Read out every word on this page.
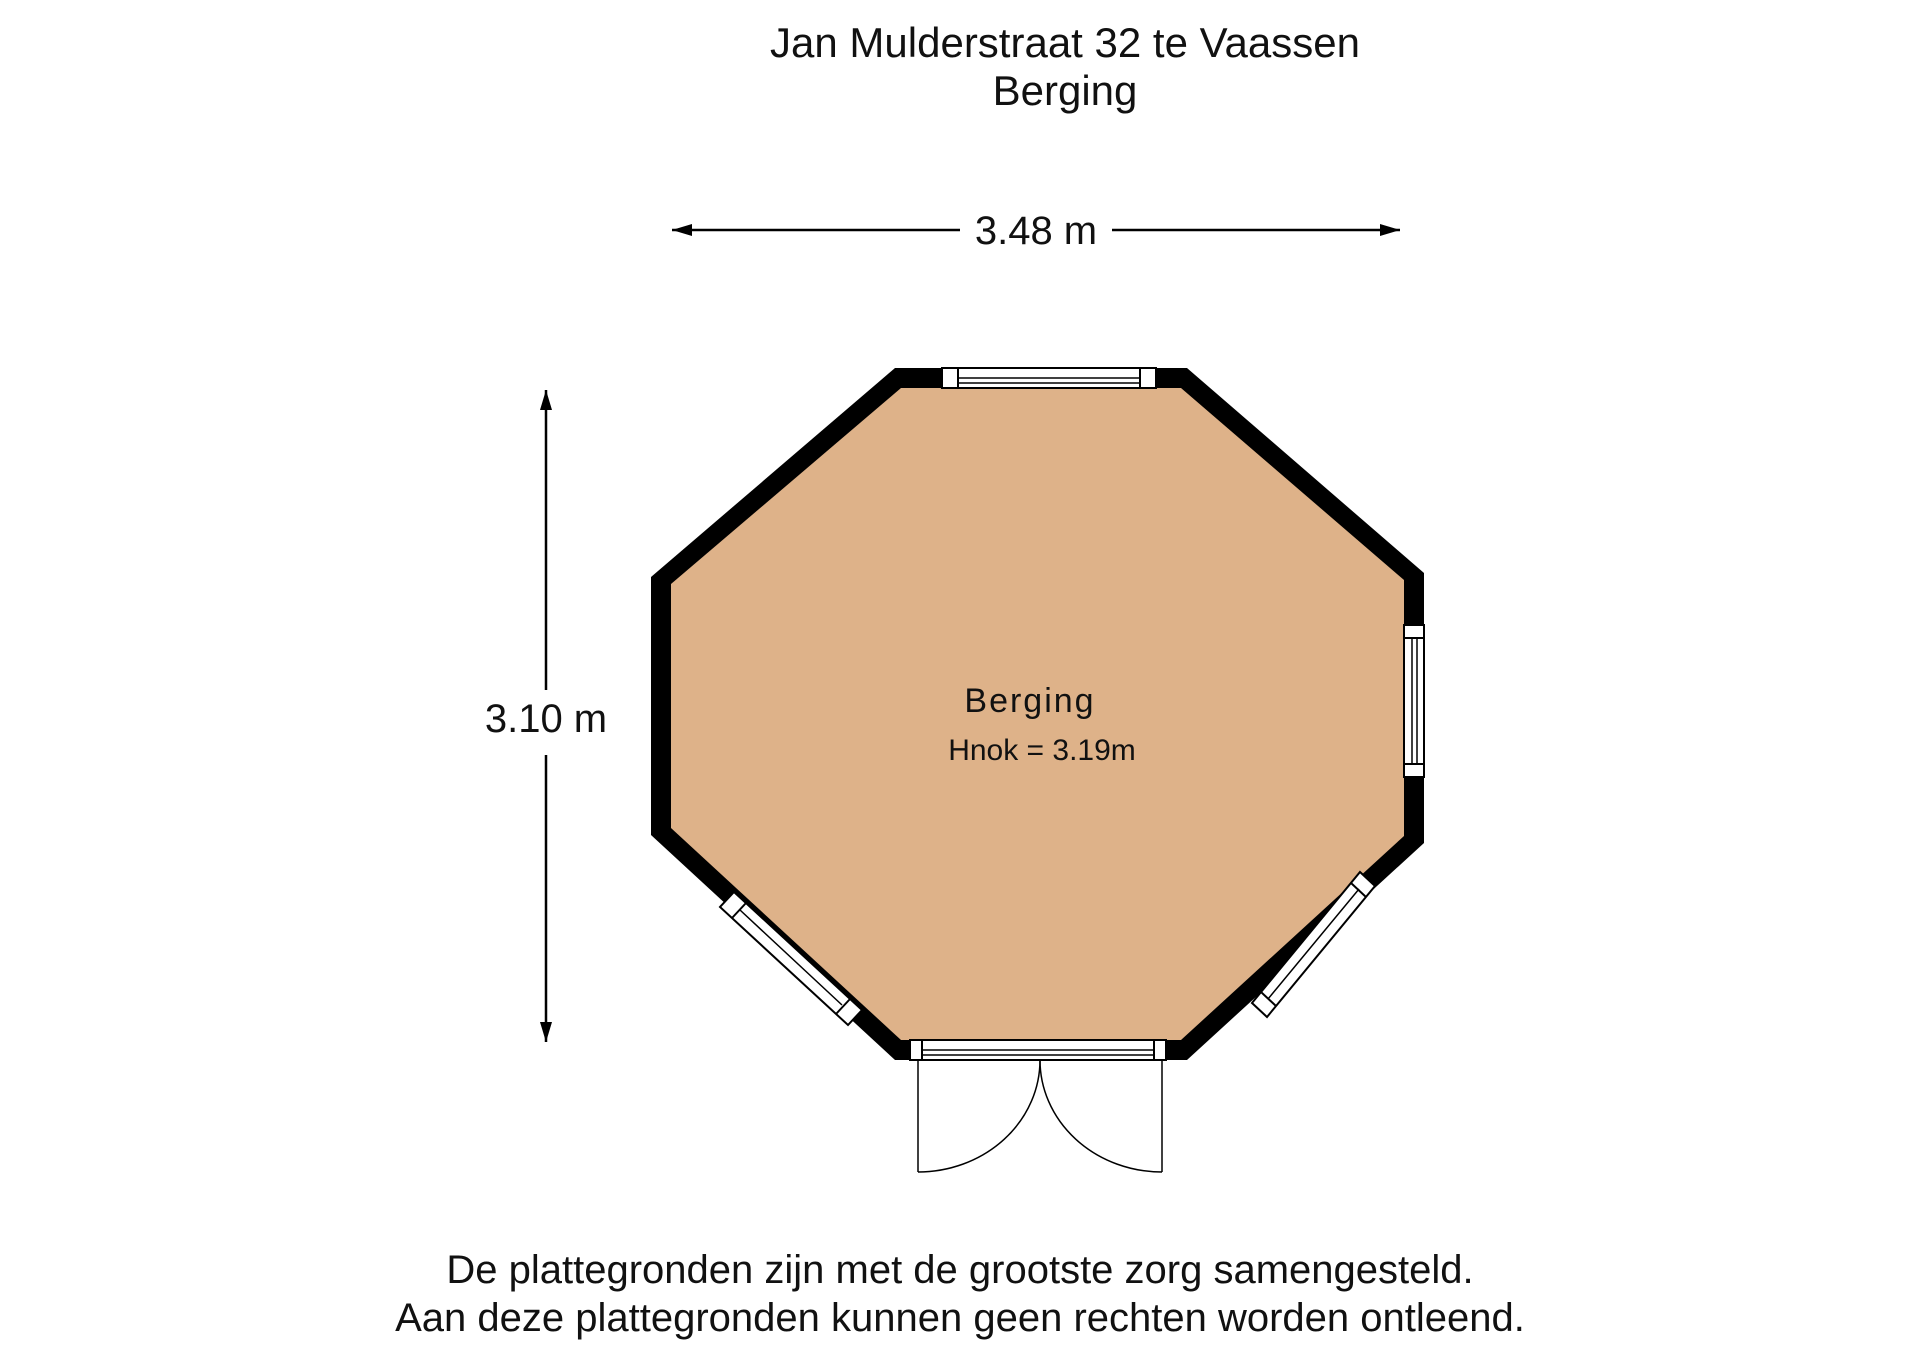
Jan Mulderstraat 32 te Vaassen
Berging
3.48 m
3.10 m	Berging
Hnok = 3.19m
De plattegronden zijn met de grootste zorg samengesteld.
Aan deze plattegronden kunnen geen rechten worden ontleend.
